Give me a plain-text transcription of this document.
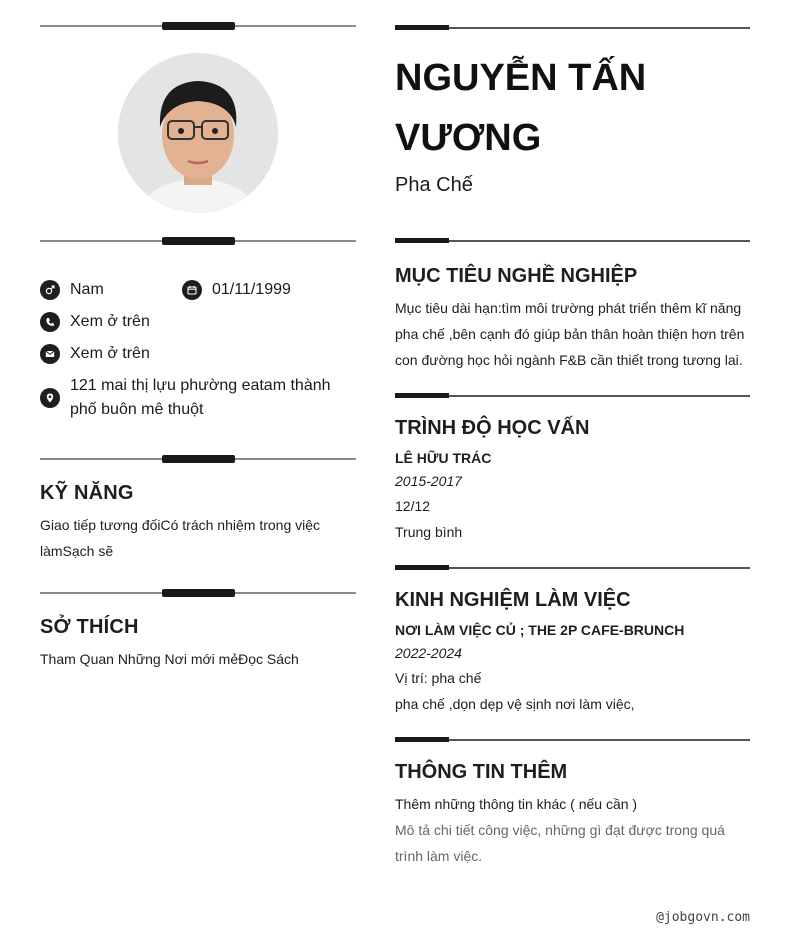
Nam	01/11/1999
Xem ở trên
Xem ở trên
121 mai thị lựu phường eatam thành phố buôn mê thuột
KỸ NĂNG
Giao tiếp tương đốiCó trách nhiệm trong việc làmSạch sẽ
SỞ THÍCH
Tham Quan Những Nơi mới mẻĐọc Sách
NGUYỄN TẤN VƯƠNG
Pha Chế
MỤC TIÊU NGHỀ NGHIỆP
Mục tiêu dài hạn:tìm môi trường phát triển thêm kĩ năng pha chế ,bên cạnh đó giúp bản thân hoàn thiện hơn trên con đường học hỏi ngành F&B cần thiết trong tương lai.
TRÌNH ĐỘ HỌC VẤN
LÊ HỮU TRÁC
2015-2017
12/12
Trung bình
KINH NGHIỆM LÀM VIỆC
NƠI LÀM VIỆC CỦ ; THE 2P CAFE-BRUNCH
2022-2024
Vị trí: pha chế
pha chế ,dọn dẹp vệ sịnh nơi làm việc,
THÔNG TIN THÊM
Thêm những thông tin khác ( nếu cần )
Mô tả chi tiết công việc, những gì đạt được trong quá trình làm việc.
@jobgovn.com
